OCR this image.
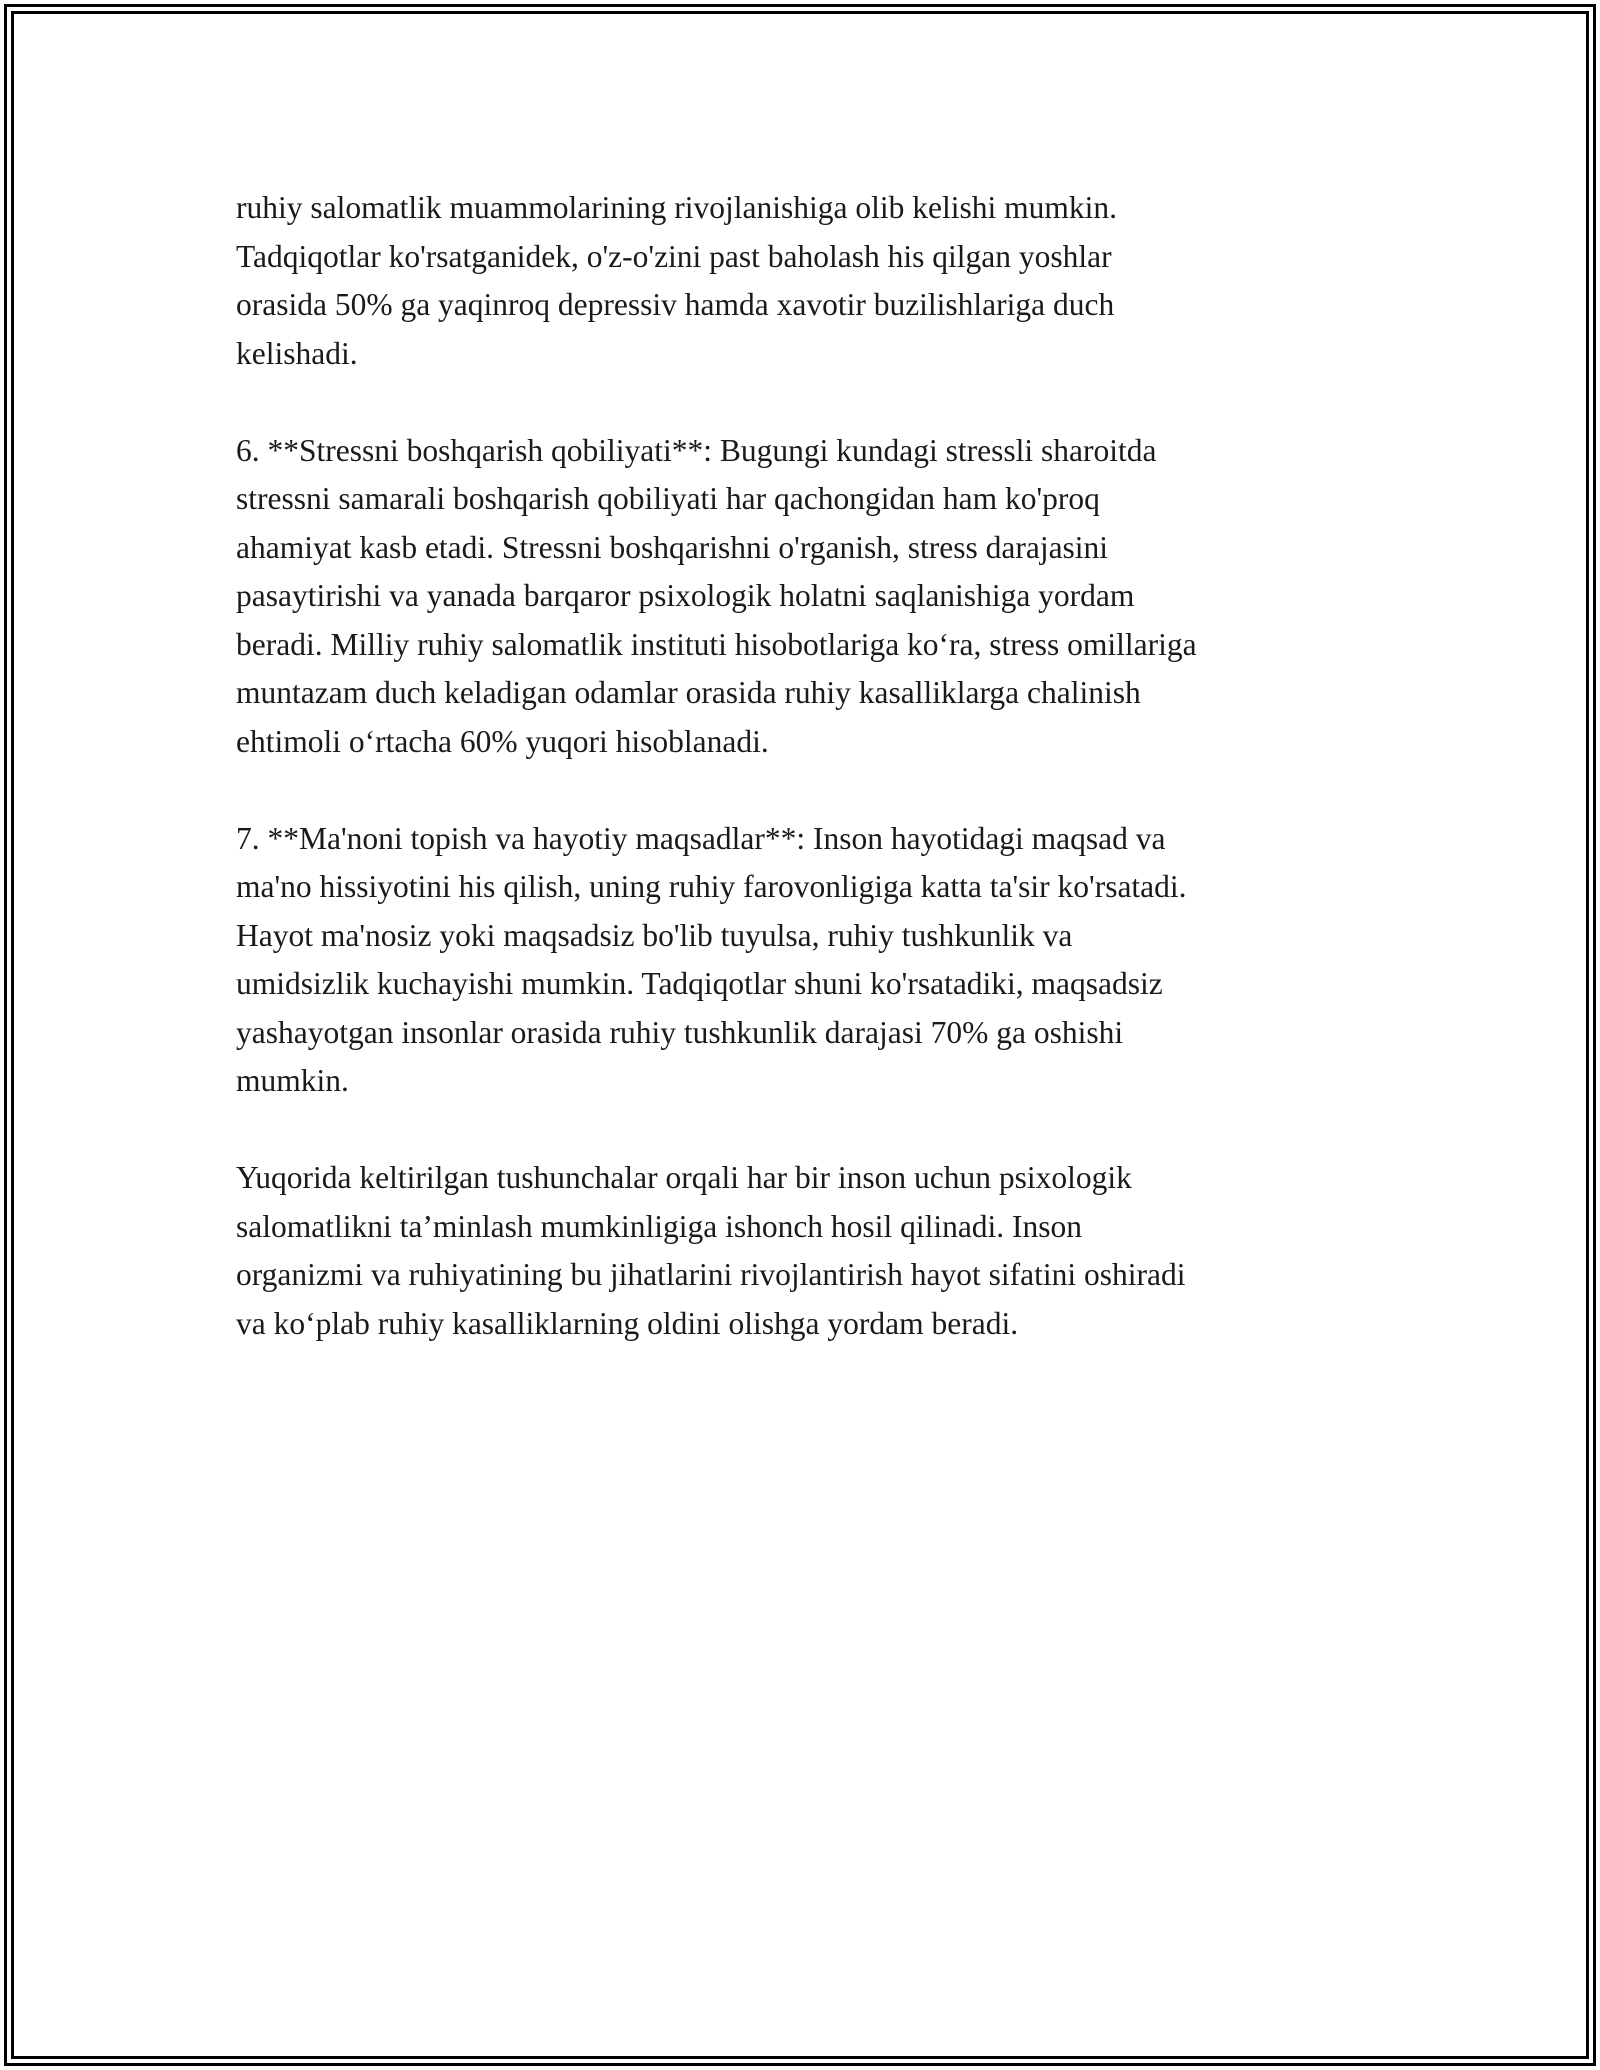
ruhiy salomatlik muammolarining rivojlanishiga olib kelishi mumkin.
Tadqiqotlar ko'rsatganidek, o'z-o'zini past baholash his qilgan yoshlar
orasida 50% ga yaqinroq depressiv hamda xavotir buzilishlariga duch
kelishadi.

6. **Stressni boshqarish qobiliyati**: Bugungi kundagi stressli sharoitda
stressni samarali boshqarish qobiliyati har qachongidan ham ko'proq
ahamiyat kasb etadi. Stressni boshqarishni o'rganish, stress darajasini
pasaytirishi va yanada barqaror psixologik holatni saqlanishiga yordam
beradi. Milliy ruhiy salomatlik instituti hisobotlariga ko‘ra, stress omillariga
muntazam duch keladigan odamlar orasida ruhiy kasalliklarga chalinish
ehtimoli o‘rtacha 60% yuqori hisoblanadi.

7. **Ma'noni topish va hayotiy maqsadlar**: Inson hayotidagi maqsad va
ma'no hissiyotini his qilish, uning ruhiy farovonligiga katta ta'sir ko'rsatadi.
Hayot ma'nosiz yoki maqsadsiz bo'lib tuyulsa, ruhiy tushkunlik va
umidsizlik kuchayishi mumkin. Tadqiqotlar shuni ko'rsatadiki, maqsadsiz
yashayotgan insonlar orasida ruhiy tushkunlik darajasi 70% ga oshishi
mumkin.

Yuqorida keltirilgan tushunchalar orqali har bir inson uchun psixologik
salomatlikni ta’minlash mumkinligiga ishonch hosil qilinadi. Inson
organizmi va ruhiyatining bu jihatlarini rivojlantirish hayot sifatini oshiradi
va ko‘plab ruhiy kasalliklarning oldini olishga yordam beradi.
